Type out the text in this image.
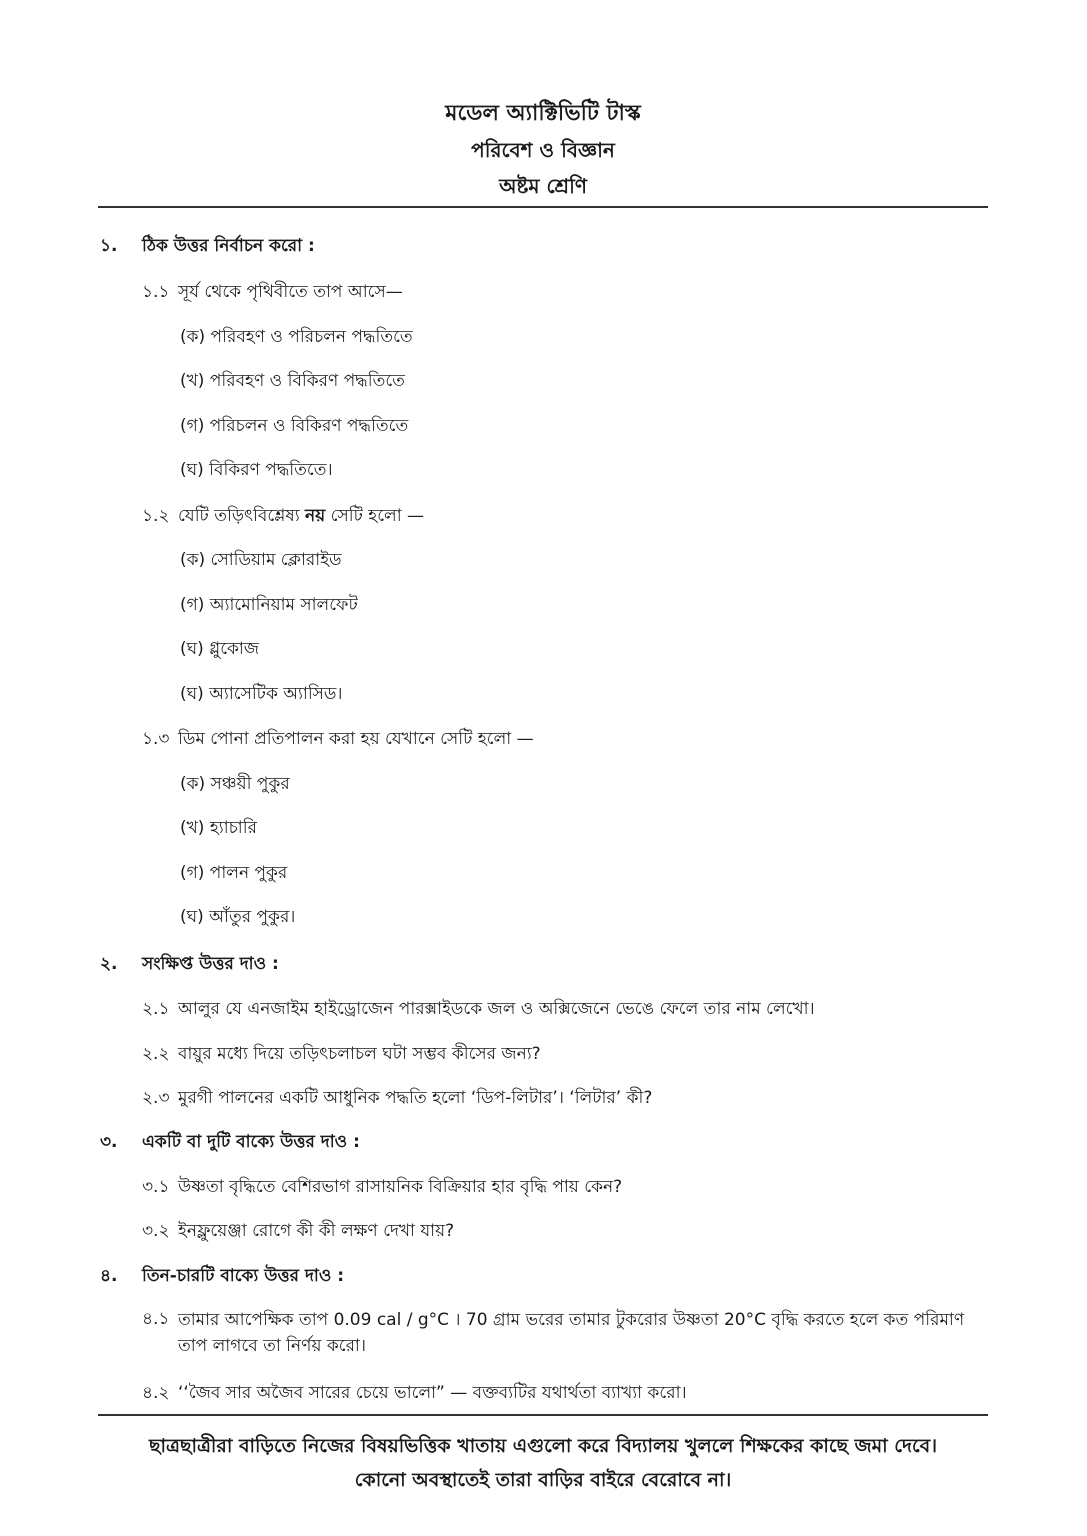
মডেল অ্যাক্টিভিটি টাস্ক
পরিবেশ ও বিজ্ঞান
অষ্টম শ্রেণি
১. ঠিক উত্তর নির্বাচন করো :
১.১ সূর্য থেকে পৃথিবীতে তাপ আসে—
(ক) পরিবহণ ও পরিচলন পদ্ধতিতে
(খ) পরিবহণ ও বিকিরণ পদ্ধতিতে
(গ) পরিচলন ও বিকিরণ পদ্ধতিতে
(ঘ) বিকিরণ পদ্ধতিতে।
১.২ যেটি তড়িৎবিশ্লেষ্য নয় সেটি হলো —
(ক) সোডিয়াম ক্লোরাইড
(গ) অ্যামোনিয়াম সালফেট
(ঘ) গ্লুকোজ
(ঘ) অ্যাসেটিক অ্যাসিড।
১.৩ ডিম পোনা প্রতিপালন করা হয় যেখানে সেটি হলো —
(ক) সঞ্চয়ী পুকুর
(খ) হ্যাচারি
(গ) পালন পুকুর
(ঘ) আঁতুর পুকুর।
২. সংক্ষিপ্ত উত্তর দাও :
২.১ আলুর যে এনজাইম হাইড্রোজেন পারক্সাইডকে জল ও অক্সিজেনে ভেঙে ফেলে তার নাম লেখো।
২.২ বায়ুর মধ্যে দিয়ে তড়িৎচলাচল ঘটা সম্ভব কীসের জন্য?
২.৩ মুরগী পালনের একটি আধুনিক পদ্ধতি হলো ‘ডিপ-লিটার’। ‘লিটার’ কী?
৩. একটি বা দুটি বাক্যে উত্তর দাও :
৩.১ উষ্ণতা বৃদ্ধিতে বেশিরভাগ রাসায়নিক বিক্রিয়ার হার বৃদ্ধি পায় কেন?
৩.২ ইনফ্লুয়েঞ্জা রোগে কী কী লক্ষণ দেখা যায়?
৪. তিন-চারটি বাক্যে উত্তর দাও :
৪.১ তামার আপেক্ষিক তাপ 0.09 cal / g°C । 70 গ্রাম ভরের তামার টুকরোর উষ্ণতা 20°C বৃদ্ধি করতে হলে কত পরিমাণ তাপ লাগবে তা নির্ণয় করো।
৪.২ ‘‘জৈব সার অজৈব সারের চেয়ে ভালো” — বক্তব্যটির যথার্থতা ব্যাখ্যা করো।
ছাত্রছাত্রীরা বাড়িতে নিজের বিষয়ভিত্তিক খাতায় এগুলো করে বিদ্যালয় খুললে শিক্ষকের কাছে জমা দেবে।
কোনো অবস্থাতেই তারা বাড়ির বাইরে বেরোবে না।
